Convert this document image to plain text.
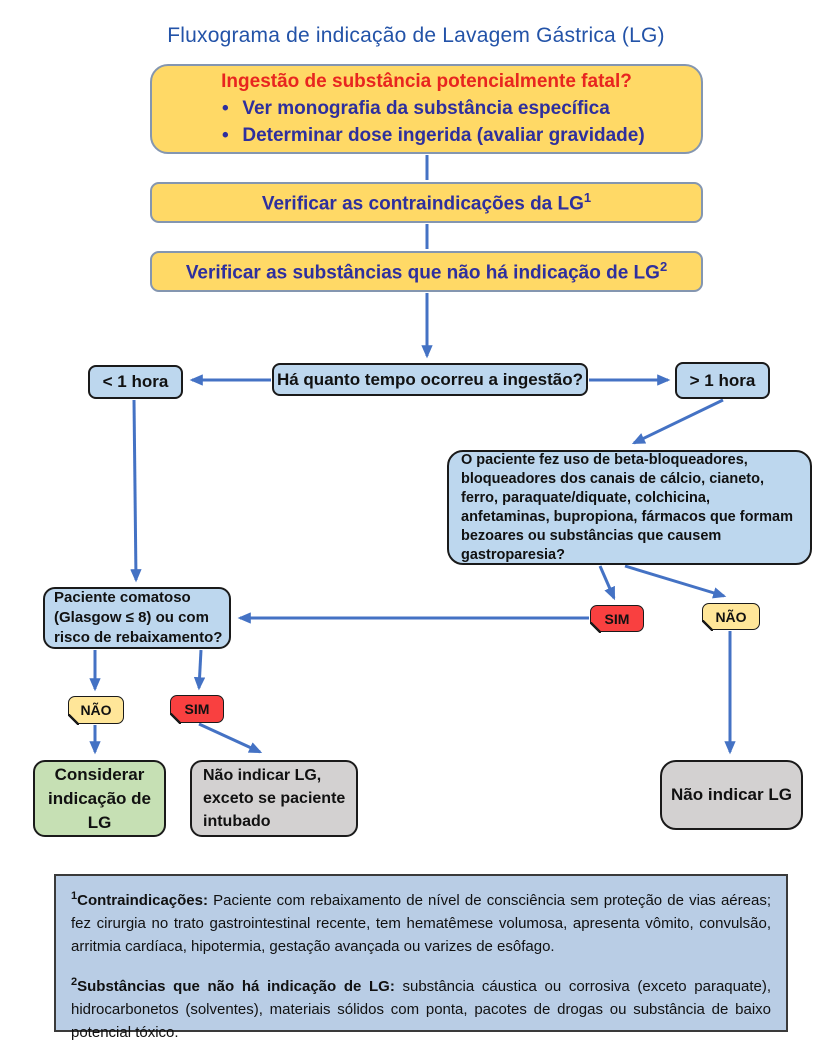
Fluxograma de indicação de Lavagem Gástrica (LG)
Ingestão de substância potencialmente fatal?
• Ver monografia da substância específica
• Determinar dose ingerida (avaliar gravidade)
Verificar as contraindicações da $LG^1$
Verificar as substâncias que não há indicação de $LG^2$
Há quanto tempo ocorreu a ingestão?
< 1 hora	> 1 hora
O paciente fez uso de beta-bloqueadores, bloqueadores dos canais de cálcio, cianeto, ferro, paraquate/diquate, colchicina, anfetaminas, bupropiona, fármacos que formam bezoares ou substâncias que causem gastroparesia?
Paciente comatoso (Glasgow ≤ 8) ou com risco de rebaixamento?
SIM	NÃO
NÃO	SIM
Considerar indicação de LG
Não indicar LG, exceto se paciente intubado
Não indicar LG

$^1$Contraindicações: Paciente com rebaixamento de nível de consciência sem proteção de vias aéreas; fez cirurgia no trato gastrointestinal recente, tem hematêmese volumosa, apresenta vômito, convulsão, arritmia cardíaca, hipotermia, gestação avançada ou varizes de esôfago.

$^2$Substâncias que não há indicação de LG: substância cáustica ou corrosiva (exceto paraquate), hidrocarbonetos (solventes), materiais sólidos com ponta, pacotes de drogas ou substância de baixo potencial tóxico.
